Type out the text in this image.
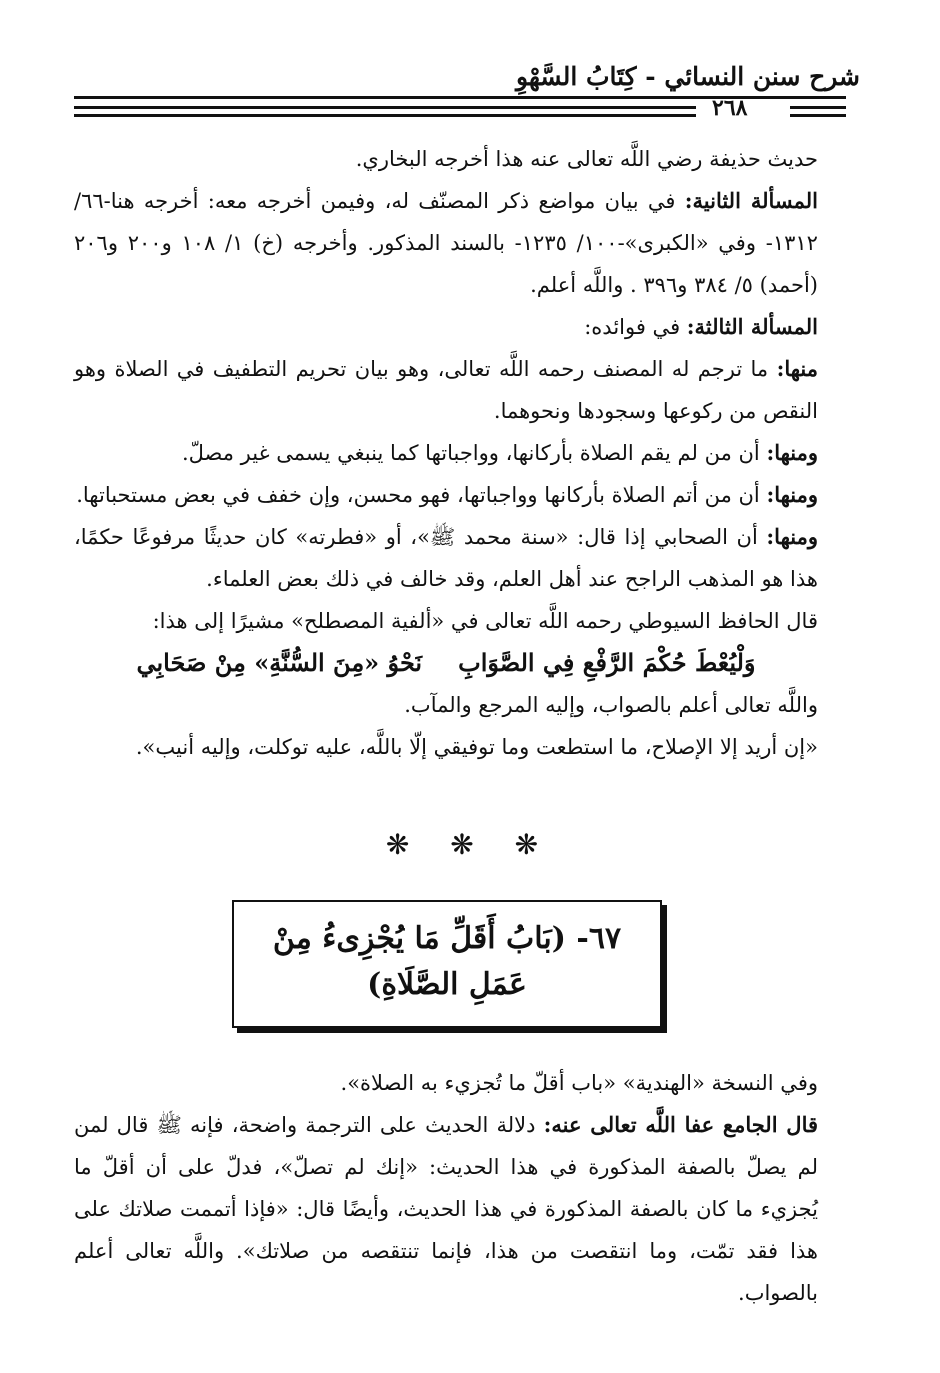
شرح سنن النسائي - كِتَابُ السَّهْوِ
٢٦٨

حديث حذيفة رضي اللَّه تعالى عنه هذا أخرجه البخاري.

المسألة الثانية: في بيان مواضع ذكر المصنّف له، وفيمن أخرجه معه: أخرجه هنا-٦٦/ ١٣١٢- وفي «الكبرى»-١٠٠/ ١٢٣٥- بالسند المذكور. وأخرجه (خ) ١/ ١٠٨ و٢٠٠ و٢٠٦ (أحمد) ٥/ ٣٨٤ و٣٩٦ . واللَّه أعلم.

المسألة الثالثة: في فوائده:

منها: ما ترجم له المصنف رحمه اللَّه تعالى، وهو بيان تحريم التطفيف في الصلاة وهو النقص من ركوعها وسجودها ونحوهما.

ومنها: أن من لم يقم الصلاة بأركانها، وواجباتها كما ينبغي يسمى غير مصلّ.

ومنها: أن من أتم الصلاة بأركانها وواجباتها، فهو محسن، وإن خفف في بعض مستحباتها.

ومنها: أن الصحابي إذا قال: «سنة محمد ﷺ»، أو «فطرته» كان حديثًا مرفوعًا حكمًا، هذا هو المذهب الراجح عند أهل العلم، وقد خالف في ذلك بعض العلماء.

قال الحافظ السيوطي رحمه اللَّه تعالى في «ألفية المصطلح» مشيرًا إلى هذا:

وَلْيُعْطَ حُكْمَ الرَّفْعِ فِي الصَّوَابِنَحْوُ «مِنَ السُّنَّةِ» مِنْ صَحَابِي

واللَّه تعالى أعلم بالصواب، وإليه المرجع والمآب.

«إن أريد إلا الإصلاح، ما استطعت وما توفيقي إلّا باللَّه، عليه توكلت، وإليه أنيب».

❋ ❋ ❋
٦٧- (بَابُ أَقَلِّ مَا يُجْزِىءُ مِنْ عَمَلِ الصَّلَاةِ)

وفي النسخة «الهندية» «باب أقلّ ما تُجزيء به الصلاة».

قال الجامع عفا اللَّه تعالى عنه: دلالة الحديث على الترجمة واضحة، فإنه ﷺ قال لمن لم يصلّ بالصفة المذكورة في هذا الحديث: «إنك لم تصلّ»، فدلّ على أن أقلّ ما يُجزيء ما كان بالصفة المذكورة في هذا الحديث، وأيضًا قال: «فإذا أتممت صلاتك على هذا فقد تمّت، وما انتقصت من هذا، فإنما تنتقصه من صلاتك». واللَّه تعالى أعلم بالصواب.
